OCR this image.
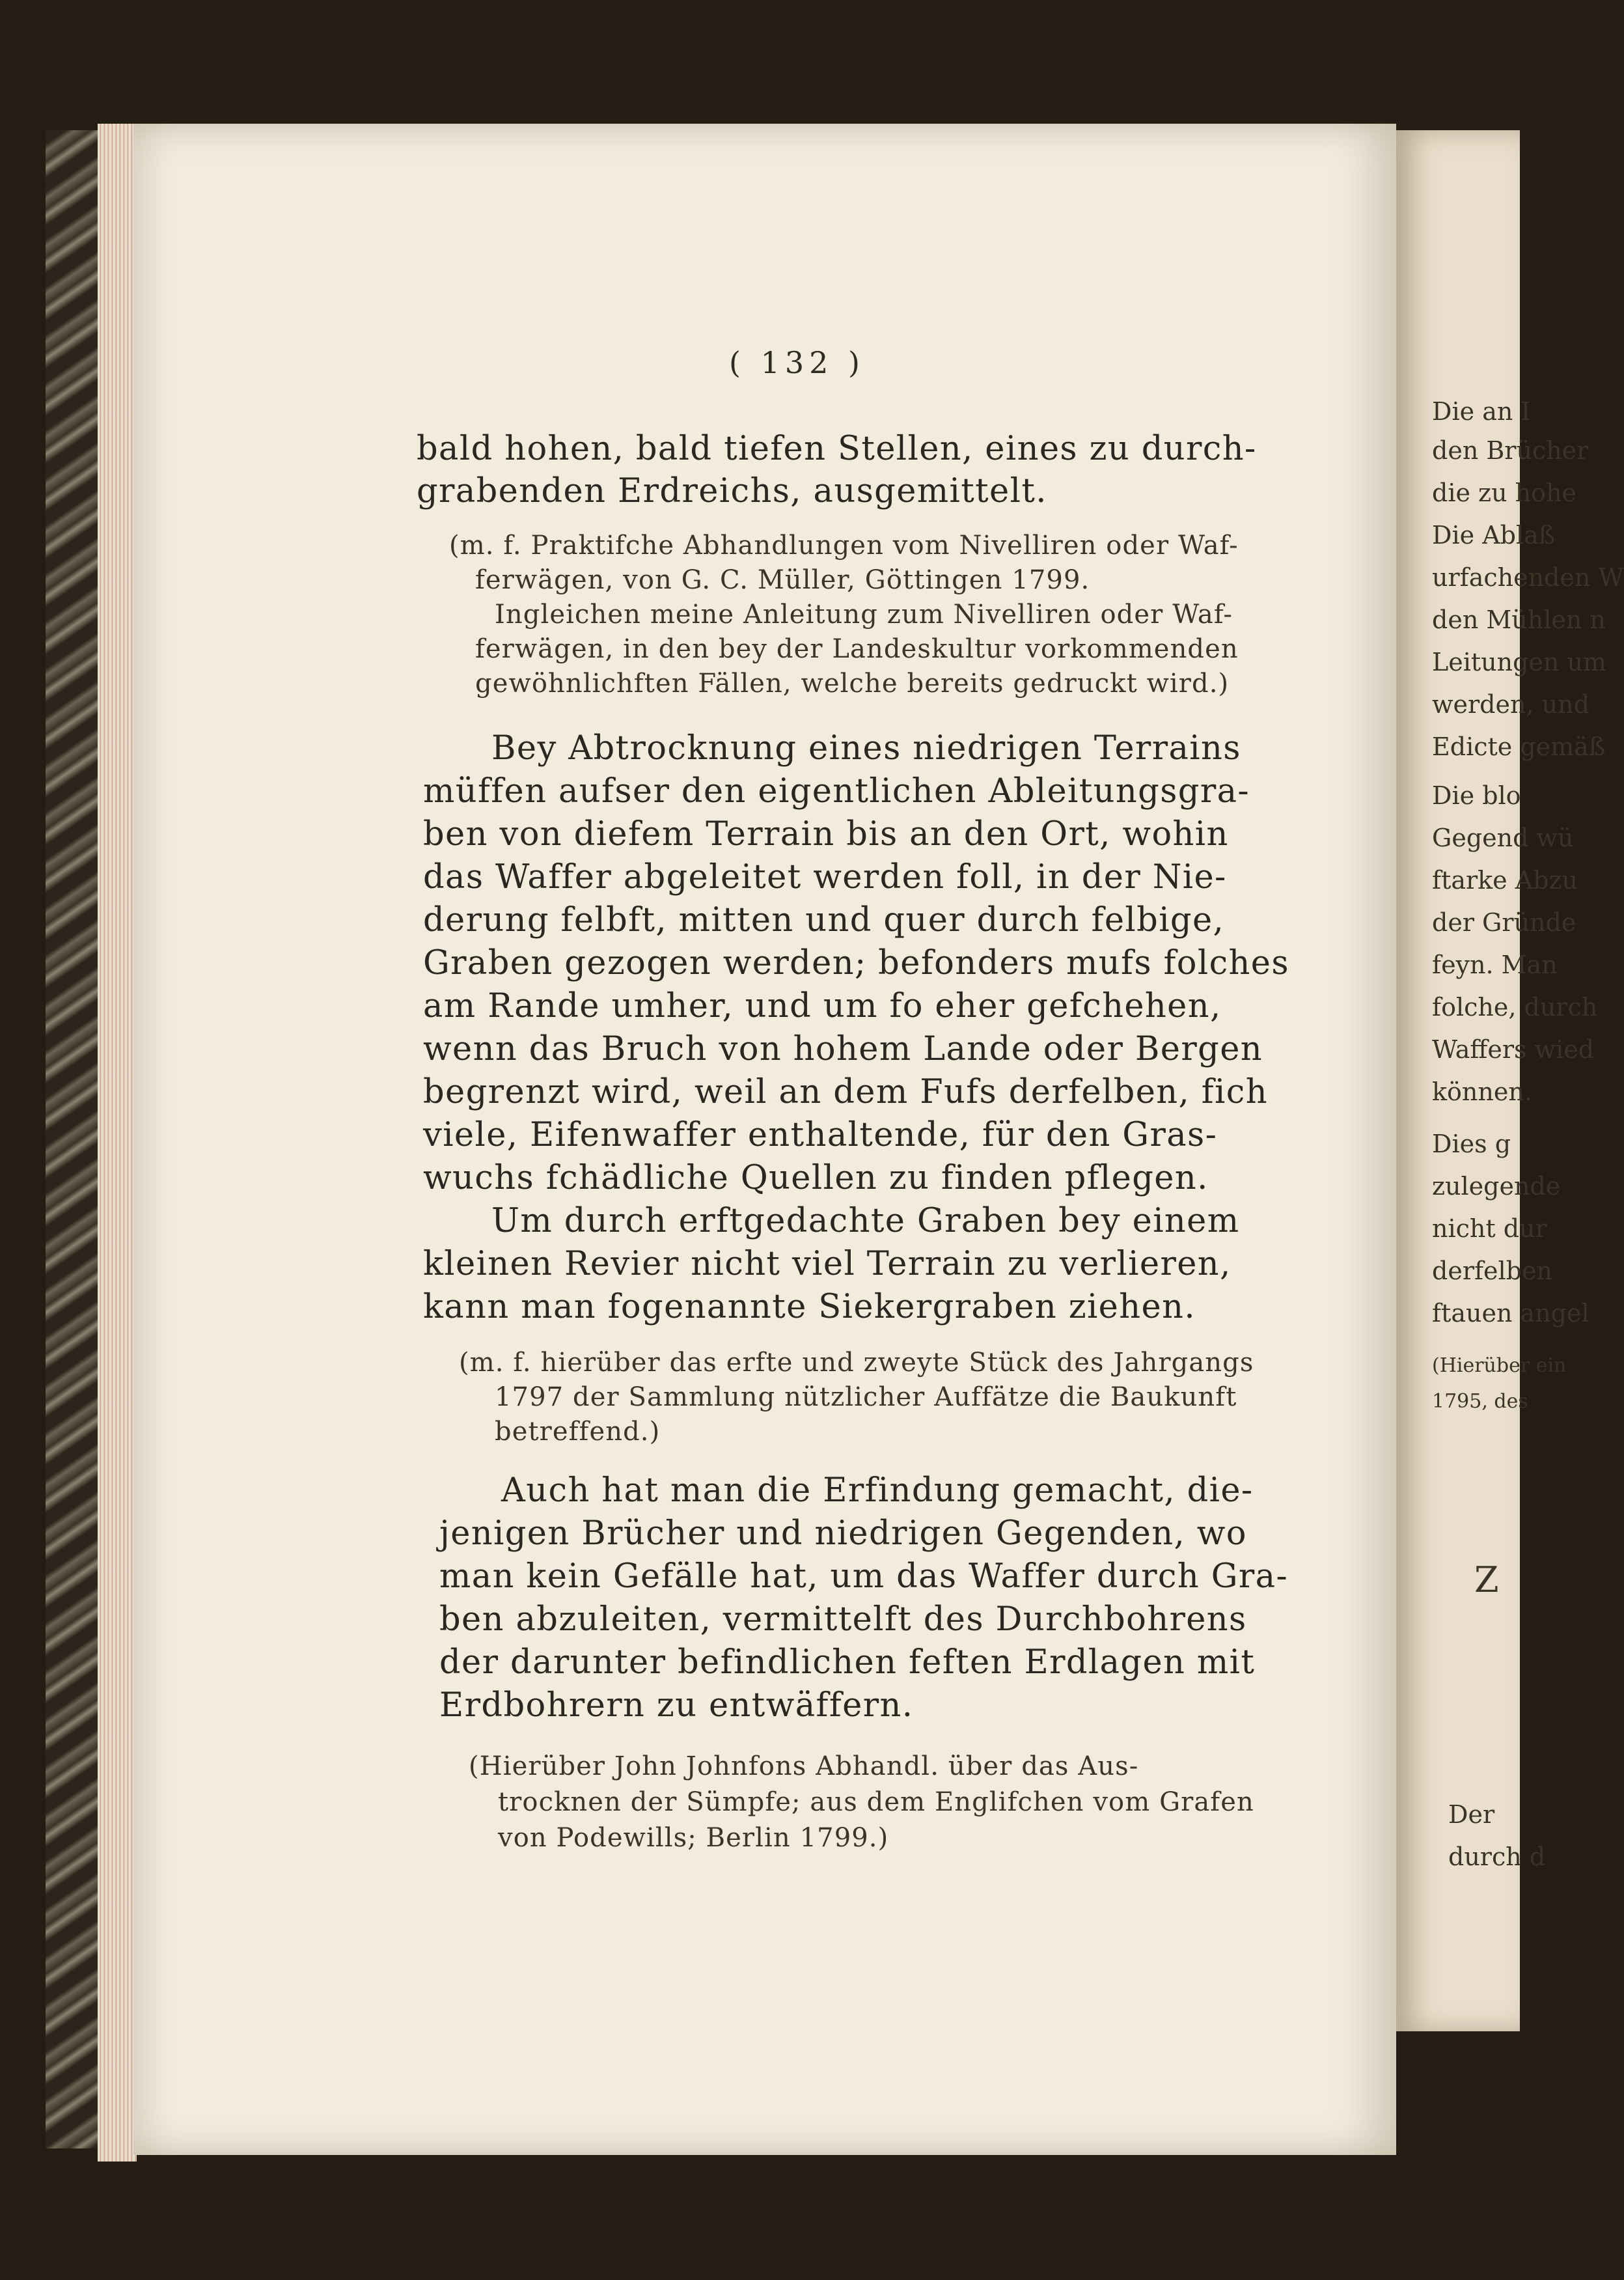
Die an I
den Brücher
die zu hohe
Die Ablaß
urfachenden W
den Mühlen n
Leitungen um
werden, und
Edicte gemäß
Die blo
Gegend wü
ftarke Abzu
der Gründe
feyn. Man
folche, durch
Waffers wied
können.
Dies g
zulegende
nicht dur
derfelben
ftauen angel
(Hierüber ein
1795, des
Z
Der
durch d
( 132 )
bald hohen, bald tiefen Stellen, eines zu durch-
grabenden Erdreichs, ausgemittelt.
(m. f. Praktifche Abhandlungen vom Nivelliren oder Waf-
ferwägen, von G. C. Müller, Göttingen 1799.
Ingleichen meine Anleitung zum Nivelliren oder Waf-
ferwägen, in den bey der Landeskultur vorkommenden
gewöhnlichften Fällen, welche bereits gedruckt wird.)
Bey Abtrocknung eines niedrigen Terrains
müffen aufser den eigentlichen Ableitungsgra-
ben von diefem Terrain bis an den Ort, wohin
das Waffer abgeleitet werden foll, in der Nie-
derung felbft, mitten und quer durch felbige,
Graben gezogen werden; befonders mufs folches
am Rande umher, und um fo eher gefchehen,
wenn das Bruch von hohem Lande oder Bergen
begrenzt wird, weil an dem Fufs derfelben, fich
viele, Eifenwaffer enthaltende, für den Gras-
wuchs fchädliche Quellen zu finden pflegen.
Um durch erftgedachte Graben bey einem
kleinen Revier nicht viel Terrain zu verlieren,
kann man fogenannte Siekergraben ziehen.
(m. f. hierüber das erfte und zweyte Stück des Jahrgangs
1797 der Sammlung nützlicher Auffätze die Baukunft
betreffend.)
Auch hat man die Erfindung gemacht, die-
jenigen Brücher und niedrigen Gegenden, wo
man kein Gefälle hat, um das Waffer durch Gra-
ben abzuleiten, vermittelft des Durchbohrens
der darunter befindlichen feften Erdlagen mit
Erdbohrern zu entwäffern.
(Hierüber John Johnfons Abhandl. über das Aus-
trocknen der Sümpfe; aus dem Englifchen vom Grafen
von Podewills; Berlin 1799.)
